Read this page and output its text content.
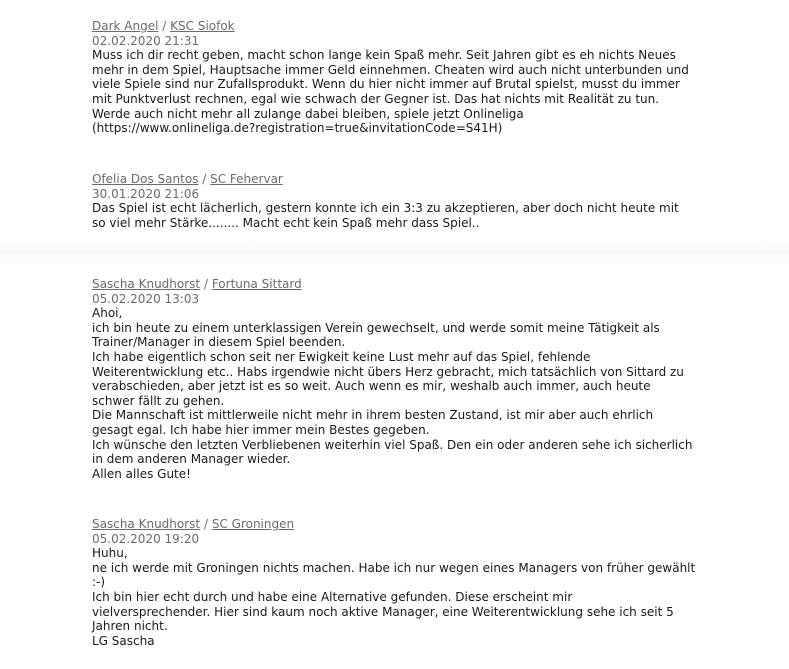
Dark Angel / KSC Siofok
02.02.2020 21:31
Muss ich dir recht geben, macht schon lange kein Spaß mehr. Seit Jahren gibt es eh nichts Neues
mehr in dem Spiel, Hauptsache immer Geld einnehmen. Cheaten wird auch nicht unterbunden und
viele Spiele sind nur Zufallsprodukt. Wenn du hier nicht immer auf Brutal spielst, musst du immer
mit Punktverlust rechnen, egal wie schwach der Gegner ist. Das hat nichts mit Realität zu tun.
Werde auch nicht mehr all zulange dabei bleiben, spiele jetzt Onlineliga
(https://www.onlineliga.de?registration=true&invitationCode=S41H)
Ofelia Dos Santos / SC Fehervar
30.01.2020 21:06
Das Spiel ist echt lächerlich, gestern konnte ich ein 3:3 zu akzeptieren, aber doch nicht heute mit
so viel mehr Stärke........ Macht echt kein Spaß mehr dass Spiel..
Sascha Knudhorst / Fortuna Sittard
05.02.2020 13:03
Ahoi,
ich bin heute zu einem unterklassigen Verein gewechselt, und werde somit meine Tätigkeit als
Trainer/Manager in diesem Spiel beenden.
Ich habe eigentlich schon seit ner Ewigkeit keine Lust mehr auf das Spiel, fehlende
Weiterentwicklung etc.. Habs irgendwie nicht übers Herz gebracht, mich tatsächlich von Sittard zu
verabschieden, aber jetzt ist es so weit. Auch wenn es mir, weshalb auch immer, auch heute
schwer fällt zu gehen.
Die Mannschaft ist mittlerweile nicht mehr in ihrem besten Zustand, ist mir aber auch ehrlich
gesagt egal. Ich habe hier immer mein Bestes gegeben.
Ich wünsche den letzten Verbliebenen weiterhin viel Spaß. Den ein oder anderen sehe ich sicherlich
in dem anderen Manager wieder.
Allen alles Gute!
Sascha Knudhorst / SC Groningen
05.02.2020 19:20
Huhu,
ne ich werde mit Groningen nichts machen. Habe ich nur wegen eines Managers von früher gewählt
:-)
Ich bin hier echt durch und habe eine Alternative gefunden. Diese erscheint mir
vielversprechender. Hier sind kaum noch aktive Manager, eine Weiterentwicklung sehe ich seit 5
Jahren nicht.
LG Sascha
